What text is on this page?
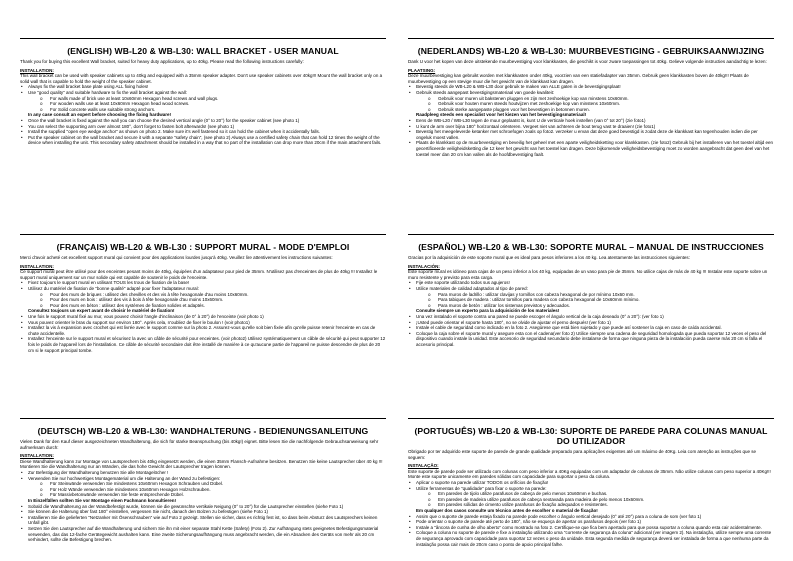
(ENGLISH) WB-L20 & WB-L30: WALL BRACKET - USER MANUAL
Thank you for buying this excellent Wall bracket, suited for heavy duty applications, up to 40kg. Please read the following instructions carefully:
INSTALLATION:
This wall bracket can be used with speaker cabinets up to 40kg and equipped with a 35mm speaker adapter. Don't use speaker cabinets over 40kg!!! Mount the wall bracket only on a solid wall that is capable to hold the weight of the speaker cabinet.
• Always fix the wall bracket base plate using ALL fixing holes!
• Use "good quality" and suitable hardware to fix the wall bracket against the wall:
o For walls made of brick use at least 10x60mm Hexagon head screws and wall plugs.
o For wooden walls use at least 10x60mm Hexagon head wood screws.
o For Solid concrete walls use suitable strong anchors.
In any case consult an expert before choosing the fixing hardware!
• Once the wall bracket is fixed against the wall you can choose the desired vertical angle (0° to 20°) for the speaker cabinet (see photo 1)
• You can select the supporting arm over almost 180°, don't forget to fasten bolt afterwards! (see photo 1)
• Install the supplied "open eye wedge anchor" as shown on photo 2. Make sure it's well fastened so it can hold the cabinet when it accidentally falls.
• Put the speaker cabinet on the wall bracket and secure it with a separate "safety chain", (see photo 2) Always use a certified safety chain that can hold 12 times the weight of the device when installing the unit. This secondary safety attachment should be installed in a way that no part of the installation can drop more than 20cm if the main attachment fails.
(FRANÇAIS) WB-L20 & WB-L30 : SUPPORT MURAL - MODE D'EMPLOI
Merci d'avoir acheté cet excellent support mural qui convient pour des applications lourdes jusqu'à 40kg. Veuillez lire attentivement les instructions suivantes:
INSTALLATION:
Ce support mural peut être utilisé pour des enceintes pesant moins de 40kg, équipées d'un adaptateur pour pied de 35mm. N'utilisez pas d'enceintes de plus de 40kg !!! Installez le support mural uniquement sur un mur solide qui est capable de soutenir le poids de l'enceinte.
• Fixez toujours le support mural en utilisant TOUS les trous de fixation de la base!
• Utilisez du matériel de fixation de "bonne qualité" adapté pour fixer l'adaptateur mural:
o Pour des murs de briques : utilisez des chevilles et des vis à tête hexagonale d'au moins 10x60mm.
o Pour des murs en bois : utilisez des vis à bois à tête hexagonale d'au moins 10x60mm.
o Pour des murs en béton : utilisez des systèmes de fixation solides et adaptés.
Consultez toujours un expert avant de choisir le matériel de fixation!
• Une fois le support mural fixé au mur, vous pouvez choisir l'angle d'inclinaison (de 0° à 20°) de l'enceinte (voir photo 1)
• Vous pouvez orienter le bras du support sur environ 180°. Après cela, n'oubliez de fixer le boulon ! (voir photo1)
• Installez la vis à expansion avec crochet qui est livrée avec le support comme sur la photo 2. Assurez-vous qu'elle soit bien fixée afin qu'elle puisse retenir l'enceinte en cas de chute accidentelle.
• Installez l'enceinte sur le support mural et sécurisez la avec un câble de sécurité pour enceintes. (voir photo2) Utilisez systématiquement un câble de sécurité qui peut supporter 12 fois le poids de l'appareil lors de l'installation. Ce câble de sécurité secondaire doit être installé de manière à ce qu'aucune partie de l'appareil ne puisse descendre de plus de 20 cm si le support principal tombe.
(DEUTSCH) WB-L20 & WB-L30: WANDHALTERUNG - BEDIENUNGSANLEITUNG
Vielen Dank für den Kauf dieser ausgezeichneten Wandhalterung, die sich für starke Beanspruchung (bis 40kg!) eignet. Bitte lesen Sie die nachfolgende Gebrauchsanweisung sehr aufmerksam durch:
INSTALLATION:
Diese Wandhalterung kann zur Montage von Lautsprechern bis 40kg eingesetzt werden, die einen 35mm Flansch-Aufnahme besitzen. Benutzen Sie keine Lautsprecher über 40 kg !!! Montieren Sie die Wandhalterung nur an Wänden, die das hohe Gewicht der Lautsprecher tragen können.
• Zur Befestigung der Wandhalterung benutzen Sie alle Montagelöcher !
• Verwenden Sie nur hochwertiges Montagematerial um die Halterung an der Wand zu befestigen:
o Für Steinwände verwenden Sie mindestens 10x60mm Hexagon Schrauben und Dübel.
o Für Holz Wände verwenden Sie mindestens 10x60mm Hexagon Holzschrauben.
o Für Massivbetonwände verwenden Sie feste entsprechende Dübel.
In Einzelfällen sollten Sie vor Montage einen Fachmann konsultieren!
• Sobald die Wandhalterung an der Wandbefestigt wurde, können sie die gewünschte vertikale Neigung (0° to 20°) für die Lautsprecher einstellen (siehe Foto 1)
• Sie können die Halterung über fast 180° einstellen, vergessen Sie nicht, danach den Bolzen zu befestigen (siehe Foto 1)
• Installieren Sie die gelieferten "Netzanker mit Ösenschrauben" wie auf Foto 2 gezeigt. Stellen sie sicher, dass es richtig fest ist, so dass beim Absturz des Lautsprechers keinen Unfall gibt.
• Setzen Sie den Lautsprecher auf die Wandhalterung und sichern Sie ihn mit einer separate Stahl Kette (Safety) (Foto 2). Zur Aufhängung stets geeignetes Befestigungsmaterial verwenden, das das 12-fache Gerätegewicht aushalten kann. Eine zweite Sicherungsaufhängung muss angebracht werden, die ein Absacken des Geräts von mehr als 20 cm verhindert, sollte die Befestigung brechen.
(NEDERLANDS) WB-L20 & WB-L30: MUURBEVESTIGING - GEBRUIKSAANWIJZING
Dank U voor het kopen van deze uitstekende muurbevestiging voor klankkasten, die geschikt is voor zware toepassingen tot 40kg. Gelieve volgende instructies aandachtig te lezen:
PLAATSING:
Deze muurbevestiging kan gebruikt worden met klankkasten onder 40kg, voorzien van een statiefadapter van 35mm. Gebruik geen klankkasten boven de 40kg!!! Plaats de muurbevestiging op een stevige muur die het gewicht van de klankkast kan dragen.
• Bevestig steeds de WB-L20 & WB-L30 door gebruik te maken van ALLE gaten in de bevestigingsplaat!
• Gebruik steeds aangepast bevestigingsmateriaal van goede kwaliteit:
o Gebruik voor muren uit bakstenen pluggen en zijn met zeshoekige kop van minstens 10x60mm.
o Gebruik voor houten muren steeds houtvijzen met zeshoekige kop van minstens 10x60mm.
o Gebruik sterke aangepaste pluggen voor het bevestigen in betonnen muren.
Raadpleeg steeds een specialist voor het kiezen van het bevestigingsmateriaal!
• Eens de WB-L20 / WB-L30 tegen de muur geplaatst is, kunt U de verticale hoek instellen (van 0° tot 20°) (zie foto1)
• U kunt de arm over bijna 180° horizontaal oriënteren. Vergeet niet van achteren de bout terug vast te draaien! (zie foto1)
• Bevestig het meegeleverde ketanker met schroefogen zoals op foto2. verzeker u ervan dat deze goed bevestigd is zodat deze de klankkast kan tegenhouden indien die per ongeluk moest vallen.
• Plaats de klankkast op de muurbevestiging en beveilig het geheel met een aparte veiligheidsketting voor klankkasten. (zie foto2) Gebruik bij het installeren van het toestel altijd een gecertificeerde veiligheidsketting die 12 keer het gewicht van het toestel kan dragen. Deze bijkomende veiligheidsbevestiging moet zo worden aangebracht dat geen deel van het toestel meer dan 20 cm kan vallen als de hoofdbevestiging faalt.
(ESPAÑOL) WB-L20 & WB-L30: SOPORTE MURAL – MANUAL DE INSTRUCCIONES
Gracias por la adquisición de este soporte mural que es ideal para pesos inferiores a los 40 kg. Lea atentamente las instrucciones siguientes:
INSTALACIÓN:
Este soporte mural es idóneo para cajas de un peso inferior a los 40 kg, equipadas de un vaso para pie de 35mm. No utilice cajas de más de 40 kg !!! Instalar este soporte sobre un muro resistente y previsto para esta carga.
• Fije este soporte utilizando todos sus agujeros!
• Utilice materiales de calidad adaptados al tipo de pared:
o Para muros de ladrillo : utilizar clavijas y tornillos con cabeza hexagonal de por mínimo 10x60 mm.
o Para tabiques de madera : utilizar tornillos para madera con cabeza hexagonal de 10x60mm mínimo.
o Para muros de betón : utilizar los sistemas previstos y adecuados.
Consulte siempre un experto para la adquisición de los materiales!
• Una vez instalado el soporte contra una pared se puede escoger el ángulo vertical de la caja deseado (0° a 20°): (ver foto 1)
• ¡Usted puede orientar el soporte hasta 180°, no se olvide de ajustar el perno después! (ver foto 1)
• Instale el cable de seguridad como indicado en la foto 2. Asegúrese que está bien sujetado y que puede así sostener la caja en caso de caída accidental.
• Coloque la caja sobre el soporte mural y asegure esta con el cadena(ver foto 2) Utilice siempre una cadena de seguridad homologada que pueda soportar 12 veces el peso del dispositivo cuando instale la unidad. Este accesorio de seguridad secundario debe instalarse de forma que ninguna pieza de la instalación pueda caerse más 20 cm si falla el accesorio principal.
(PORTUGUÊS) WB-L20 & WB-L30: SUPORTE DE PAREDE PARA COLUNAS MANUAL DO UTILIZADOR
Obrigado por ter adquirido este suporte de parede de grande qualidade preparado para aplicações exigentes até um máximo de 40Kg. Leia com atenção as instruções que se seguem:
INSTALAÇÃO:
Este suporte de parede pode ser utilizado com colunas com peso inferior a 40Kg equipadas com um adaptador de colunas de 35mm. Não utilize colunas com peso superior a 40Kg!!! Monte este suporte unicamente em paredes sólidas com capacidade para suportar o peso da coluna.
• Aplicar o suporte na parede utilizar TODOS os orifícios de fixação!
• Utilize ferramentas de "qualidade" para fixar o suporte na parede:
o Em paredes de tijolo utilize parafusos de cabeça de pelo menos 10x60mm e buchas.
o Em paredes de madeira utilize parafusos de cabeça sextavada para madeira de pelo menos 10x60mm.
o Em paredes sólidas de cimento utilize parafusos de fixação adequados e resistentes.
Em qualquer dos casos consulte um técnico antes de escolher o material de fixação!
• Assim que o suporte de parede esteja fixado na parede pode escolher o ângulo vertical desejado (0° até 20°) para a coluna de som (ver foto 1)
• Pode orientar o suporte de parede até perto de 180°, não se esqueça de apertar os parafusos depois (ver foto 1)
• Instale a "âncora de cunha de olho aberto" como mostrado na foto 2. Certifique-se que fica bem apertado para que possa suportar a coluna quando esta cair acidentalmente.
• Coloque a coluna no suporte de parede e fixe a instalação utilizando uma "corrente de segurança da coluna" adicional (ver imagem 2). Na instalação, utilize sempre uma corrente de segurança aprovado com capacidade para suportar 12 vezes o peso da unidade. Esta segunda medida de segurança deverá ser instalada de forma a que nenhuma parte da instalação possa cair mais de 20cm caso o ponto de apoio principal falhe.
